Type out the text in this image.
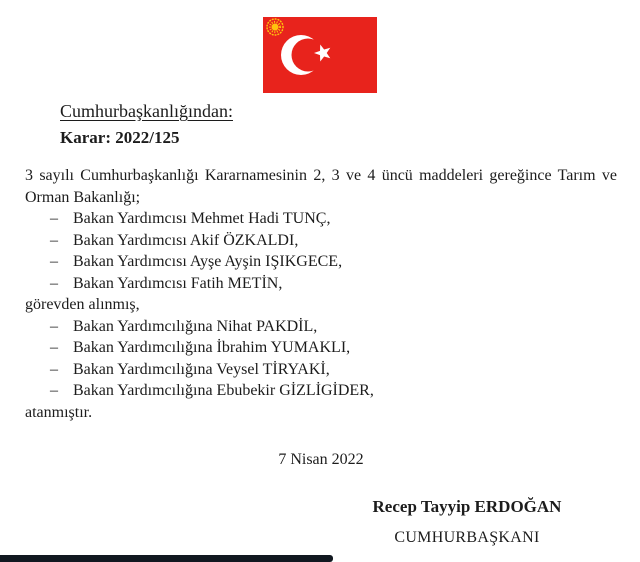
Cumhurbaşkanlığından:
Karar: 2022/125

3 sayılı Cumhurbaşkanlığı Kararnamesinin 2, 3 ve 4 üncü maddeleri gereğince Tarım ve Orman Bakanlığı;

– Bakan Yardımcısı Mehmet Hadi TUNÇ,
– Bakan Yardımcısı Akif ÖZKALDI,
– Bakan Yardımcısı Ayşe Ayşin IŞIKGECE,
– Bakan Yardımcısı Fatih METİN,
görevden alınmış,
– Bakan Yardımcılığına Nihat PAKDİL,
– Bakan Yardımcılığına İbrahim YUMAKLI,
– Bakan Yardımcılığına Veysel TİRYAKİ,
– Bakan Yardımcılığına Ebubekir GİZLİGİDER,
atanmıştır.
7 Nisan 2022
Recep Tayyip ERDOĞAN
CUMHURBAŞKANI
